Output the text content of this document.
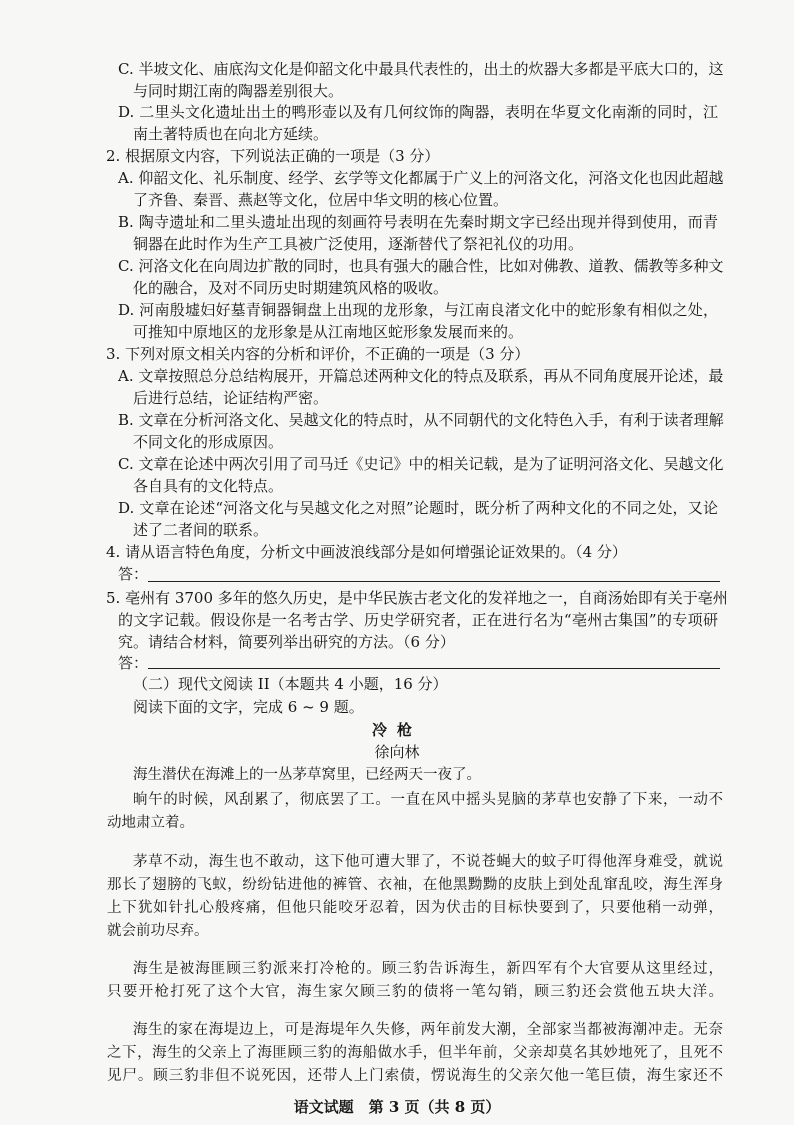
C. 半坡文化、庙底沟文化是仰韶文化中最具代表性的，出土的炊器大多都是平底大口的，这
与同时期江南的陶器差别很大。
D. 二里头文化遗址出土的鸭形壶以及有几何纹饰的陶器，表明在华夏文化南渐的同时，江
南土著特质也在向北方延续。
2. 根据原文内容，下列说法正确的一项是（3 分）
A. 仰韶文化、礼乐制度、经学、玄学等文化都属于广义上的河洛文化，河洛文化也因此超越
了齐鲁、秦晋、燕赵等文化，位居中华文明的核心位置。
B. 陶寺遗址和二里头遗址出现的刻画符号表明在先秦时期文字已经出现并得到使用，而青
铜器在此时作为生产工具被广泛使用，逐渐替代了祭祀礼仪的功用。
C. 河洛文化在向周边扩散的同时，也具有强大的融合性，比如对佛教、道教、儒教等多种文
化的融合，及对不同历史时期建筑风格的吸收。
D. 河南殷墟妇好墓青铜器铜盘上出现的龙形象，与江南良渚文化中的蛇形象有相似之处，
可推知中原地区的龙形象是从江南地区蛇形象发展而来的。
3. 下列对原文相关内容的分析和评价，不正确的一项是（3 分）
A. 文章按照总分总结构展开，开篇总述两种文化的特点及联系，再从不同角度展开论述，最
后进行总结，论证结构严密。
B. 文章在分析河洛文化、吴越文化的特点时，从不同朝代的文化特色入手，有利于读者理解
不同文化的形成原因。
C. 文章在论述中两次引用了司马迁《史记》中的相关记载，是为了证明河洛文化、吴越文化
各自具有的文化特点。
D. 文章在论述“河洛文化与吴越文化之对照”论题时，既分析了两种文化的不同之处，又论
述了二者间的联系。
4. 请从语言特色角度，分析文中画波浪线部分是如何增强论证效果的。（4 分）
答：
5. 亳州有 3700 多年的悠久历史，是中华民族古老文化的发祥地之一，自商汤始即有关于亳州
的文字记载。假设你是一名考古学、历史学研究者，正在进行名为“亳州古集国”的专项研
究。请结合材料，简要列举出研究的方法。（6 分）
答：
（二）现代文阅读 II（本题共 4 小题，16 分）
阅读下面的文字，完成 6 ~ 9 题。
冷枪
徐向林
海生潜伏在海滩上的一丛茅草窝里，已经两天一夜了。
晌午的时候，风刮累了，彻底罢了工。一直在风中摇头晃脑的茅草也安静了下来，一动不
动地肃立着。
茅草不动，海生也不敢动，这下他可遭大罪了，不说苍蝇大的蚊子叮得他浑身难受，就说
那长了翅膀的飞蚁，纷纷钻进他的裤管、衣袖，在他黑黝黝的皮肤上到处乱窜乱咬，海生浑身
上下犹如针扎心般疼痛，但他只能咬牙忍着，因为伏击的目标快要到了，只要他稍一动弹，
就会前功尽弃。
海生是被海匪顾三豹派来打冷枪的。顾三豹告诉海生，新四军有个大官要从这里经过，
只要开枪打死了这个大官，海生家欠顾三豹的债将一笔勾销，顾三豹还会赏他五块大洋。
海生的家在海堤边上，可是海堤年久失修，两年前发大潮，全部家当都被海潮冲走。无奈
之下，海生的父亲上了海匪顾三豹的海船做水手，但半年前，父亲却莫名其妙地死了，且死不
见尸。顾三豹非但不说死因，还带人上门索债，愣说海生的父亲欠他一笔巨债，海生家还不
语文试题　第 3 页（共 8 页）
